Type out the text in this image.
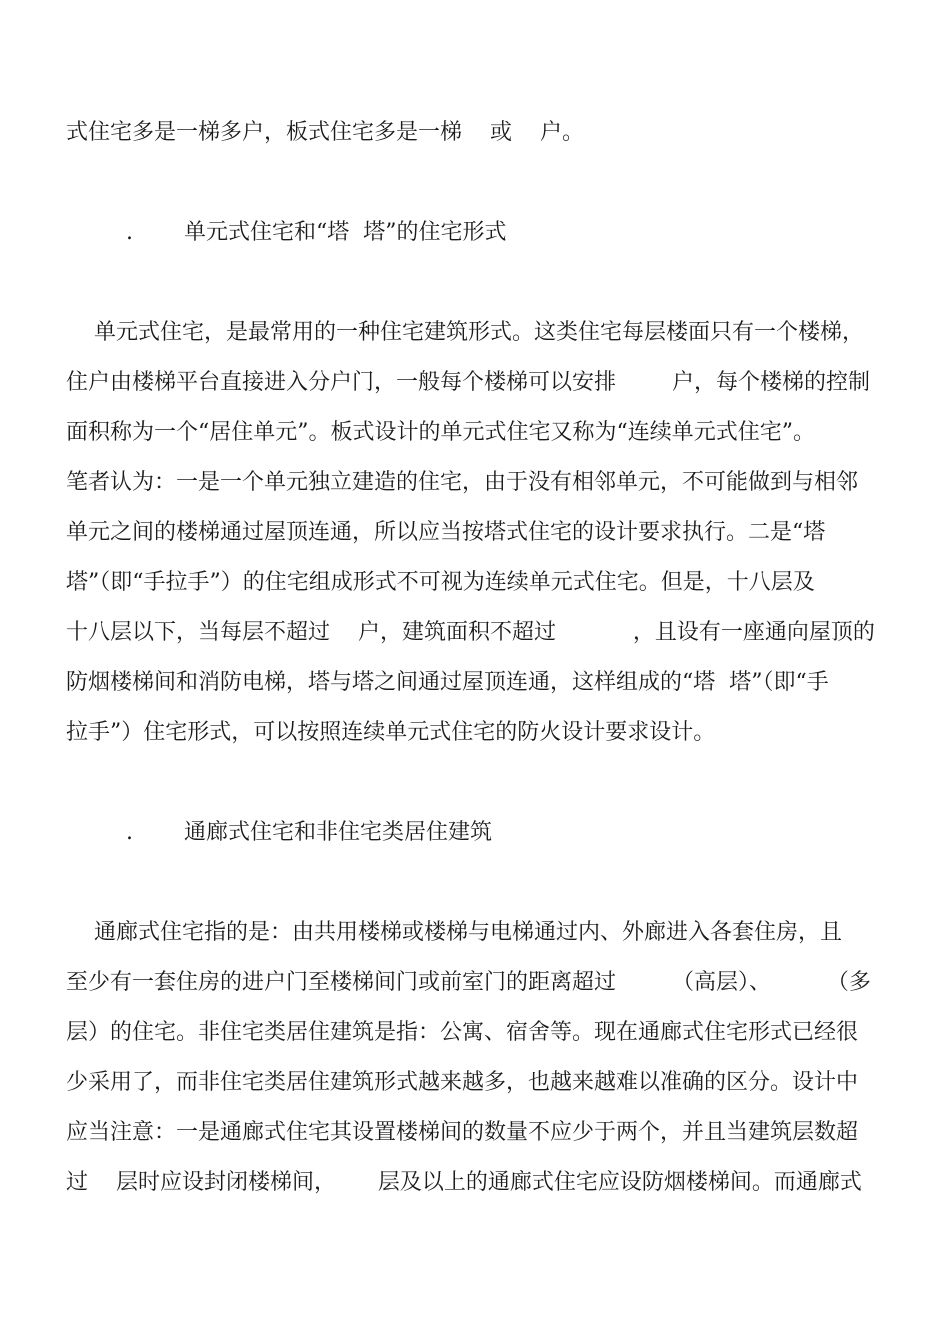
式住宅多是一梯多户，板式住宅多是一梯    或    户。

.

单元式住宅和“塔  塔”的住宅形式

单元式住宅，是最常用的一种住宅建筑形式。这类住宅每层楼面只有一个楼梯，
住户由楼梯平台直接进入分户门，一般每个楼梯可以安排        户，每个楼梯的控制
面积称为一个“居住单元”。板式设计的单元式住宅又称为“连续单元式住宅”。
笔者认为：一是一个单元独立建造的住宅，由于没有相邻单元，不可能做到与相邻
单元之间的楼梯通过屋顶连通，所以应当按塔式住宅的设计要求执行。二是“塔
塔”（即“手拉手”）的住宅组成形式不可视为连续单元式住宅。但是，十八层及
十八层以下，当每层不超过    户，建筑面积不超过           ，且设有一座通向屋顶的
防烟楼梯间和消防电梯，塔与塔之间通过屋顶连通，这样组成的“塔  塔”（即“手
拉手”）住宅形式，可以按照连续单元式住宅的防火设计要求设计。

.

通廊式住宅和非住宅类居住建筑

通廊式住宅指的是：由共用楼梯或楼梯与电梯通过内、外廊进入各套住房，且
至少有一套住房的进户门至楼梯间门或前室门的距离超过        （高层）、        （多
层）的住宅。非住宅类居住建筑是指：公寓、宿舍等。现在通廊式住宅形式已经很
少采用了，而非住宅类居住建筑形式越来越多，也越来越难以准确的区分。设计中
应当注意：一是通廊式住宅其设置楼梯间的数量不应少于两个，并且当建筑层数超
过    层时应设封闭楼梯间，      层及以上的通廊式住宅应设防烟楼梯间。而通廊式
